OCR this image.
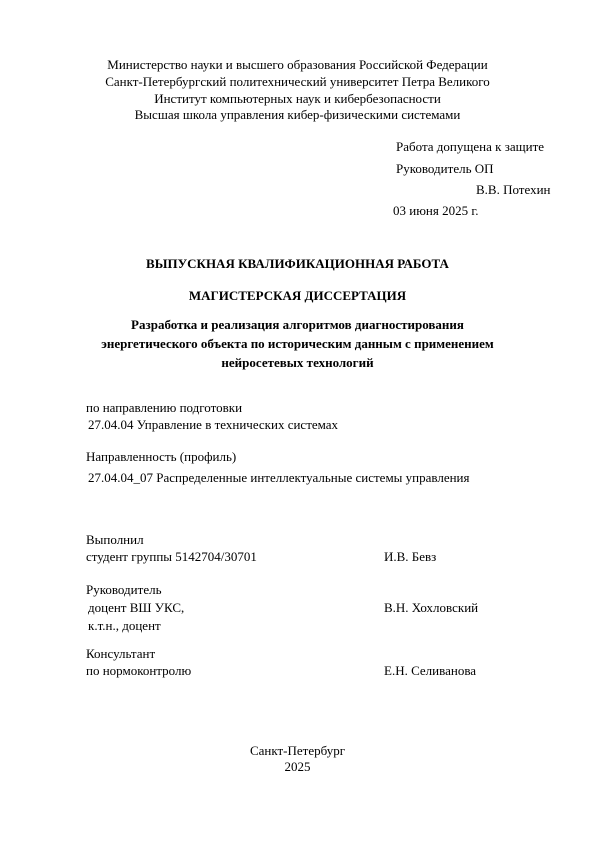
Министерство науки и высшего образования Российской Федерации
Санкт-Петербургский политехнический университет Петра Великого
Институт компьютерных наук и кибербезопасности
Высшая школа управления кибер-физическими системами
Работа допущена к защите
Руководитель ОП
В.В. Потехин
03 июня 2025 г.
ВЫПУСКНАЯ КВАЛИФИКАЦИОННАЯ РАБОТА
МАГИСТЕРСКАЯ ДИССЕРТАЦИЯ
Разработка и реализация алгоритмов диагностирования
энергетического объекта по историческим данным с применением
нейросетевых технологий
по направлению подготовки
27.04.04 Управление в технических системах
Направленность (профиль)
27.04.04_07 Распределенные интеллектуальные системы управления
Выполнил
студент группы 5142704/30701	И.В. Бевз
Руководитель
доцент ВШ УКС,	В.Н. Хохловский
к.т.н., доцент
Консультант
по нормоконтролю	Е.Н. Селиванова
Санкт-Петербург
2025
